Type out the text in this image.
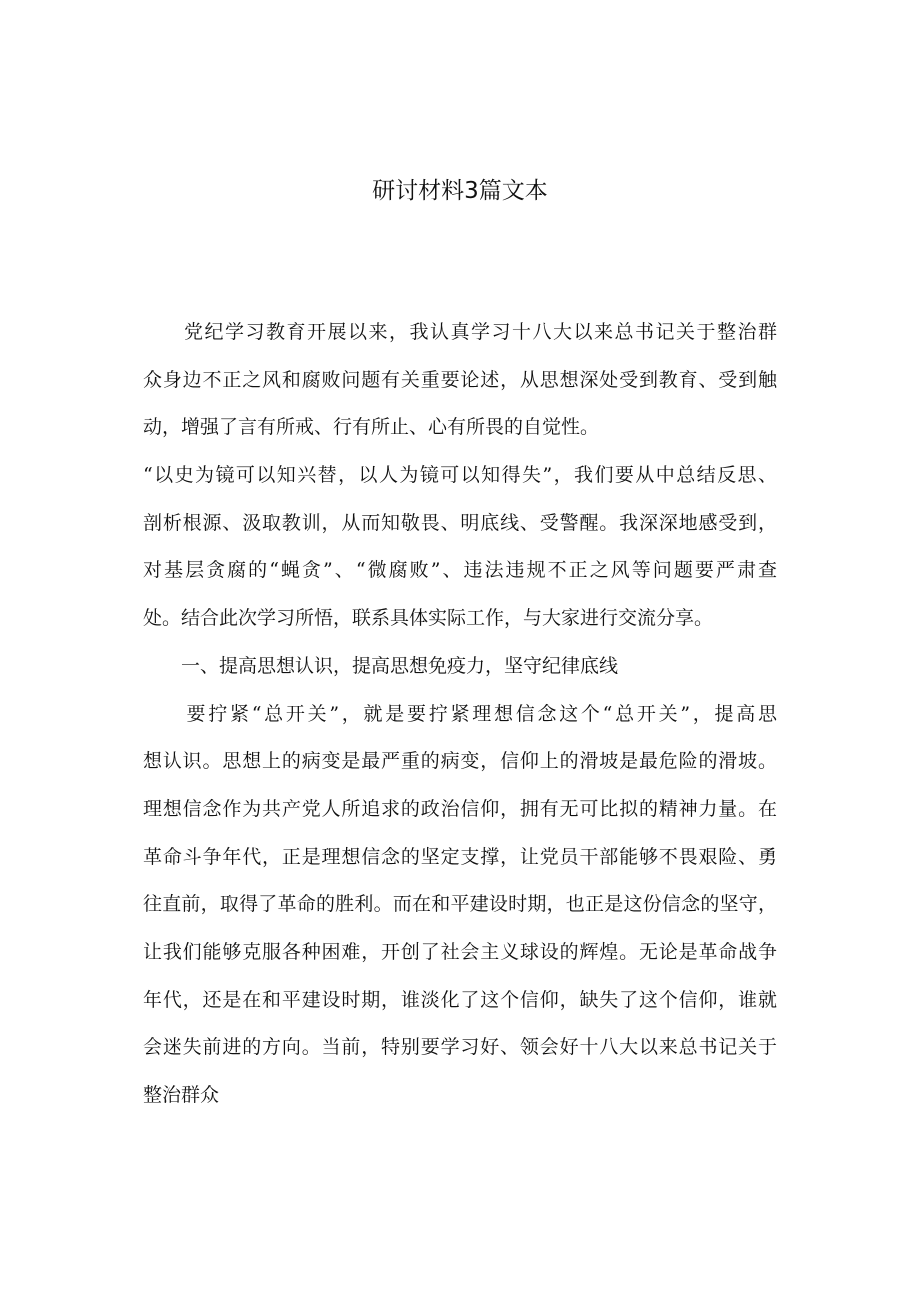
研讨材料3篇文本
　　党纪学习教育开展以来，我认真学习十八大以来总书记关于整治群
众身边不正之风和腐败问题有关重要论述，从思想深处受到教育、受到触
动，增强了言有所戒、行有所止、心有所畏的自觉性。
“以史为镜可以知兴替，以人为镜可以知得失”，我们要从中总结反思、
剖析根源、汲取教训，从而知敬畏、明底线、受警醒。我深深地感受到，
对基层贪腐的“蝇贪”、“微腐败”、违法违规不正之风等问题要严肃查
处。结合此次学习所悟，联系具体实际工作，与大家进行交流分享。
　　一、提高思想认识，提高思想免疫力，坚守纪律底线
　　要拧紧“总开关”，就是要拧紧理想信念这个“总开关”，提高思
想认识。思想上的病变是最严重的病变，信仰上的滑坡是最危险的滑坡。
理想信念作为共产党人所追求的政治信仰，拥有无可比拟的精神力量。在
革命斗争年代，正是理想信念的坚定支撑，让党员干部能够不畏艰险、勇
往直前，取得了革命的胜利。而在和平建设时期，也正是这份信念的坚守，
让我们能够克服各种困难，开创了社会主义球设的辉煌。无论是革命战争
年代，还是在和平建设时期，谁淡化了这个信仰，缺失了这个信仰，谁就
会迷失前进的方向。当前，特别要学习好、领会好十八大以来总书记关于
整治群众
